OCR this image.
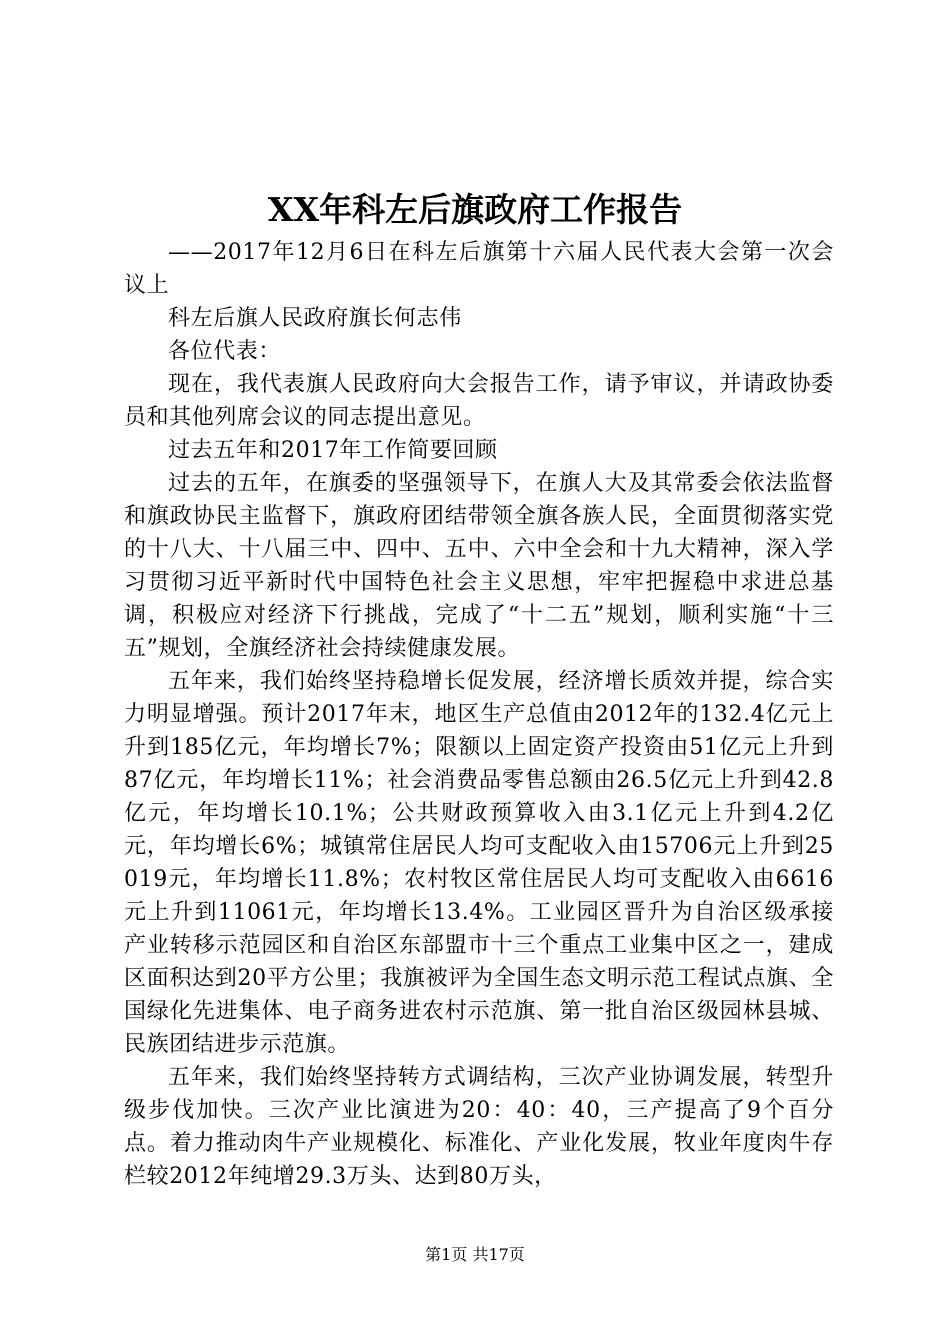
XX年科左后旗政府工作报告

——2017年12月6日在科左后旗第十六届人民代表大会第一次会议上

科左后旗人民政府旗长何志伟

各位代表：

现在，我代表旗人民政府向大会报告工作，请予审议，并请政协委员和其他列席会议的同志提出意见。

过去五年和2017年工作简要回顾

过去的五年，在旗委的坚强领导下，在旗人大及其常委会依法监督和旗政协民主监督下，旗政府团结带领全旗各族人民，全面贯彻落实党的十八大、十八届三中、四中、五中、六中全会和十九大精神，深入学习贯彻习近平新时代中国特色社会主义思想，牢牢把握稳中求进总基调，积极应对经济下行挑战，完成了“十二五”规划，顺利实施“十三五”规划，全旗经济社会持续健康发展。

五年来，我们始终坚持稳增长促发展，经济增长质效并提，综合实力明显增强。预计2017年末，地区生产总值由2012年的132.4亿元上升到185亿元，年均增长7%；限额以上固定资产投资由51亿元上升到87亿元，年均增长11%；社会消费品零售总额由26.5亿元上升到42.8亿元，年均增长10.1%；公共财政预算收入由3.1亿元上升到4.2亿元，年均增长6%；城镇常住居民人均可支配收入由15706元上升到25019元，年均增长11.8%；农村牧区常住居民人均可支配收入由6616元上升到11061元，年均增长13.4%。工业园区晋升为自治区级承接产业转移示范园区和自治区东部盟市十三个重点工业集中区之一，建成区面积达到20平方公里；我旗被评为全国生态文明示范工程试点旗、全国绿化先进集体、电子商务进农村示范旗、第一批自治区级园林县城、民族团结进步示范旗。

五年来，我们始终坚持转方式调结构，三次产业协调发展，转型升级步伐加快。三次产业比演进为20：40：40，三产提高了9个百分点。着力推动肉牛产业规模化、标准化、产业化发展，牧业年度肉牛存栏较2012年纯增29.3万头、达到80万头，

第1页 共17页
